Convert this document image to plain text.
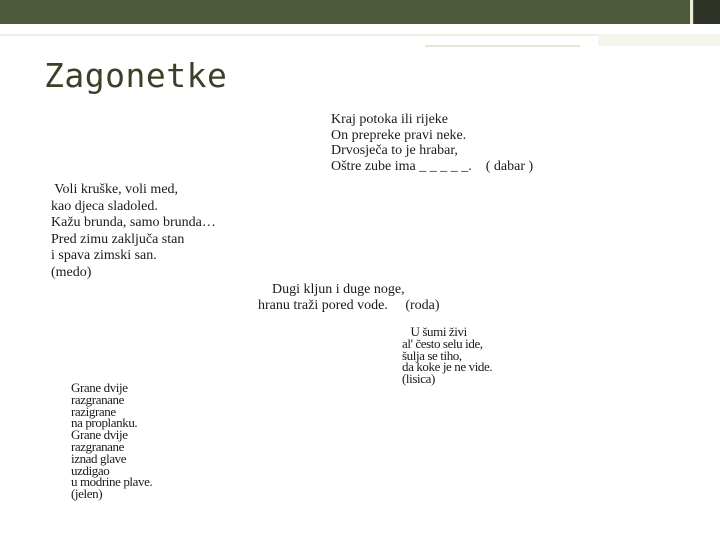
Zagonetke
Kraj potoka ili rijeke
On prepreke pravi neke.
Drvosječa to je hrabar,
Oštre zube ima _ _ _ _ _.    ( dabar )
Voli kruške, voli med,
kao djeca sladoled.
Kažu brunda, samo brunda…
Pred zimu zaključa stan
i spava zimski san.
(medo)
Dugi kljun i duge noge,
hranu traži pored vode.     (roda)
U šumi živi
al' često selu ide,
šulja se tiho,
da koke je ne vide.
(lisica)
Grane dvije
razgranane
razigrane
na proplanku.
Grane dvije
razgranane
iznad glave
uzdigao
u modrine plave.
(jelen)
